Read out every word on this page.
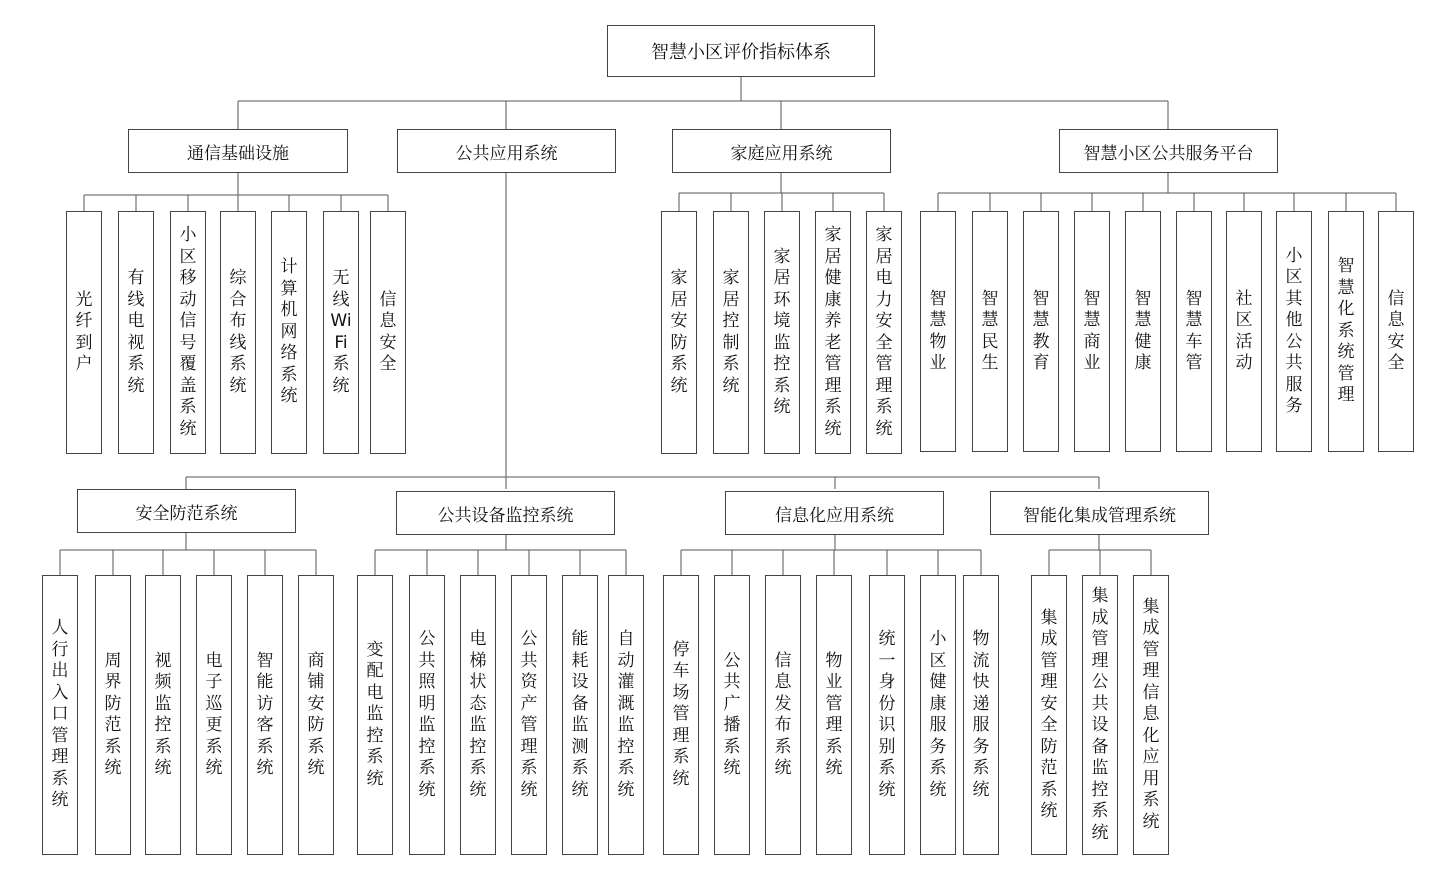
智慧小区评价指标体系
通信基础设施	公共应用系统	家庭应用系统	智慧小区公共服务平台
安全防范系统	公共设备监控系统	信息化应用系统	智能化集成管理系统
光
纤
到
户
有
线
电
视
系
统
小
区
移
动
信
号
覆
盖
系
统
综
合
布
线
系
统
计
算
机
网
络
系
统
无
线
Wi
Fi
系
统
信
息
安
全
家
居
安
防
系
统
家
居
控
制
系
统
家
居
环
境
监
控
系
统
家
居
健
康
养
老
管
理
系
统
家
居
电
力
安
全
管
理
系
统
智
慧
物
业
智
慧
民
生
智
慧
教
育
智
慧
商
业
智
慧
健
康
智
慧
车
管
社
区
活
动
小
区
其
他
公
共
服
务
智
慧
化
系
统
管
理
信
息
安
全
人
行
出
入
口
管
理
系
统
周
界
防
范
系
统
视
频
监
控
系
统
电
子
巡
更
系
统
智
能
访
客
系
统
商
铺
安
防
系
统
变
配
电
监
控
系
统
公
共
照
明
监
控
系
统
电
梯
状
态
监
控
系
统
公
共
资
产
管
理
系
统
能
耗
设
备
监
测
系
统
自
动
灌
溉
监
控
系
统
停
车
场
管
理
系
统
公
共
广
播
系
统
信
息
发
布
系
统
物
业
管
理
系
统
统
一
身
份
识
别
系
统
小
区
健
康
服
务
系
统
物
流
快
递
服
务
系
统
集
成
管
理
安
全
防
范
系
统
集
成
管
理
公
共
设
备
监
控
系
统
集
成
管
理
信
息
化
应
用
系
统
